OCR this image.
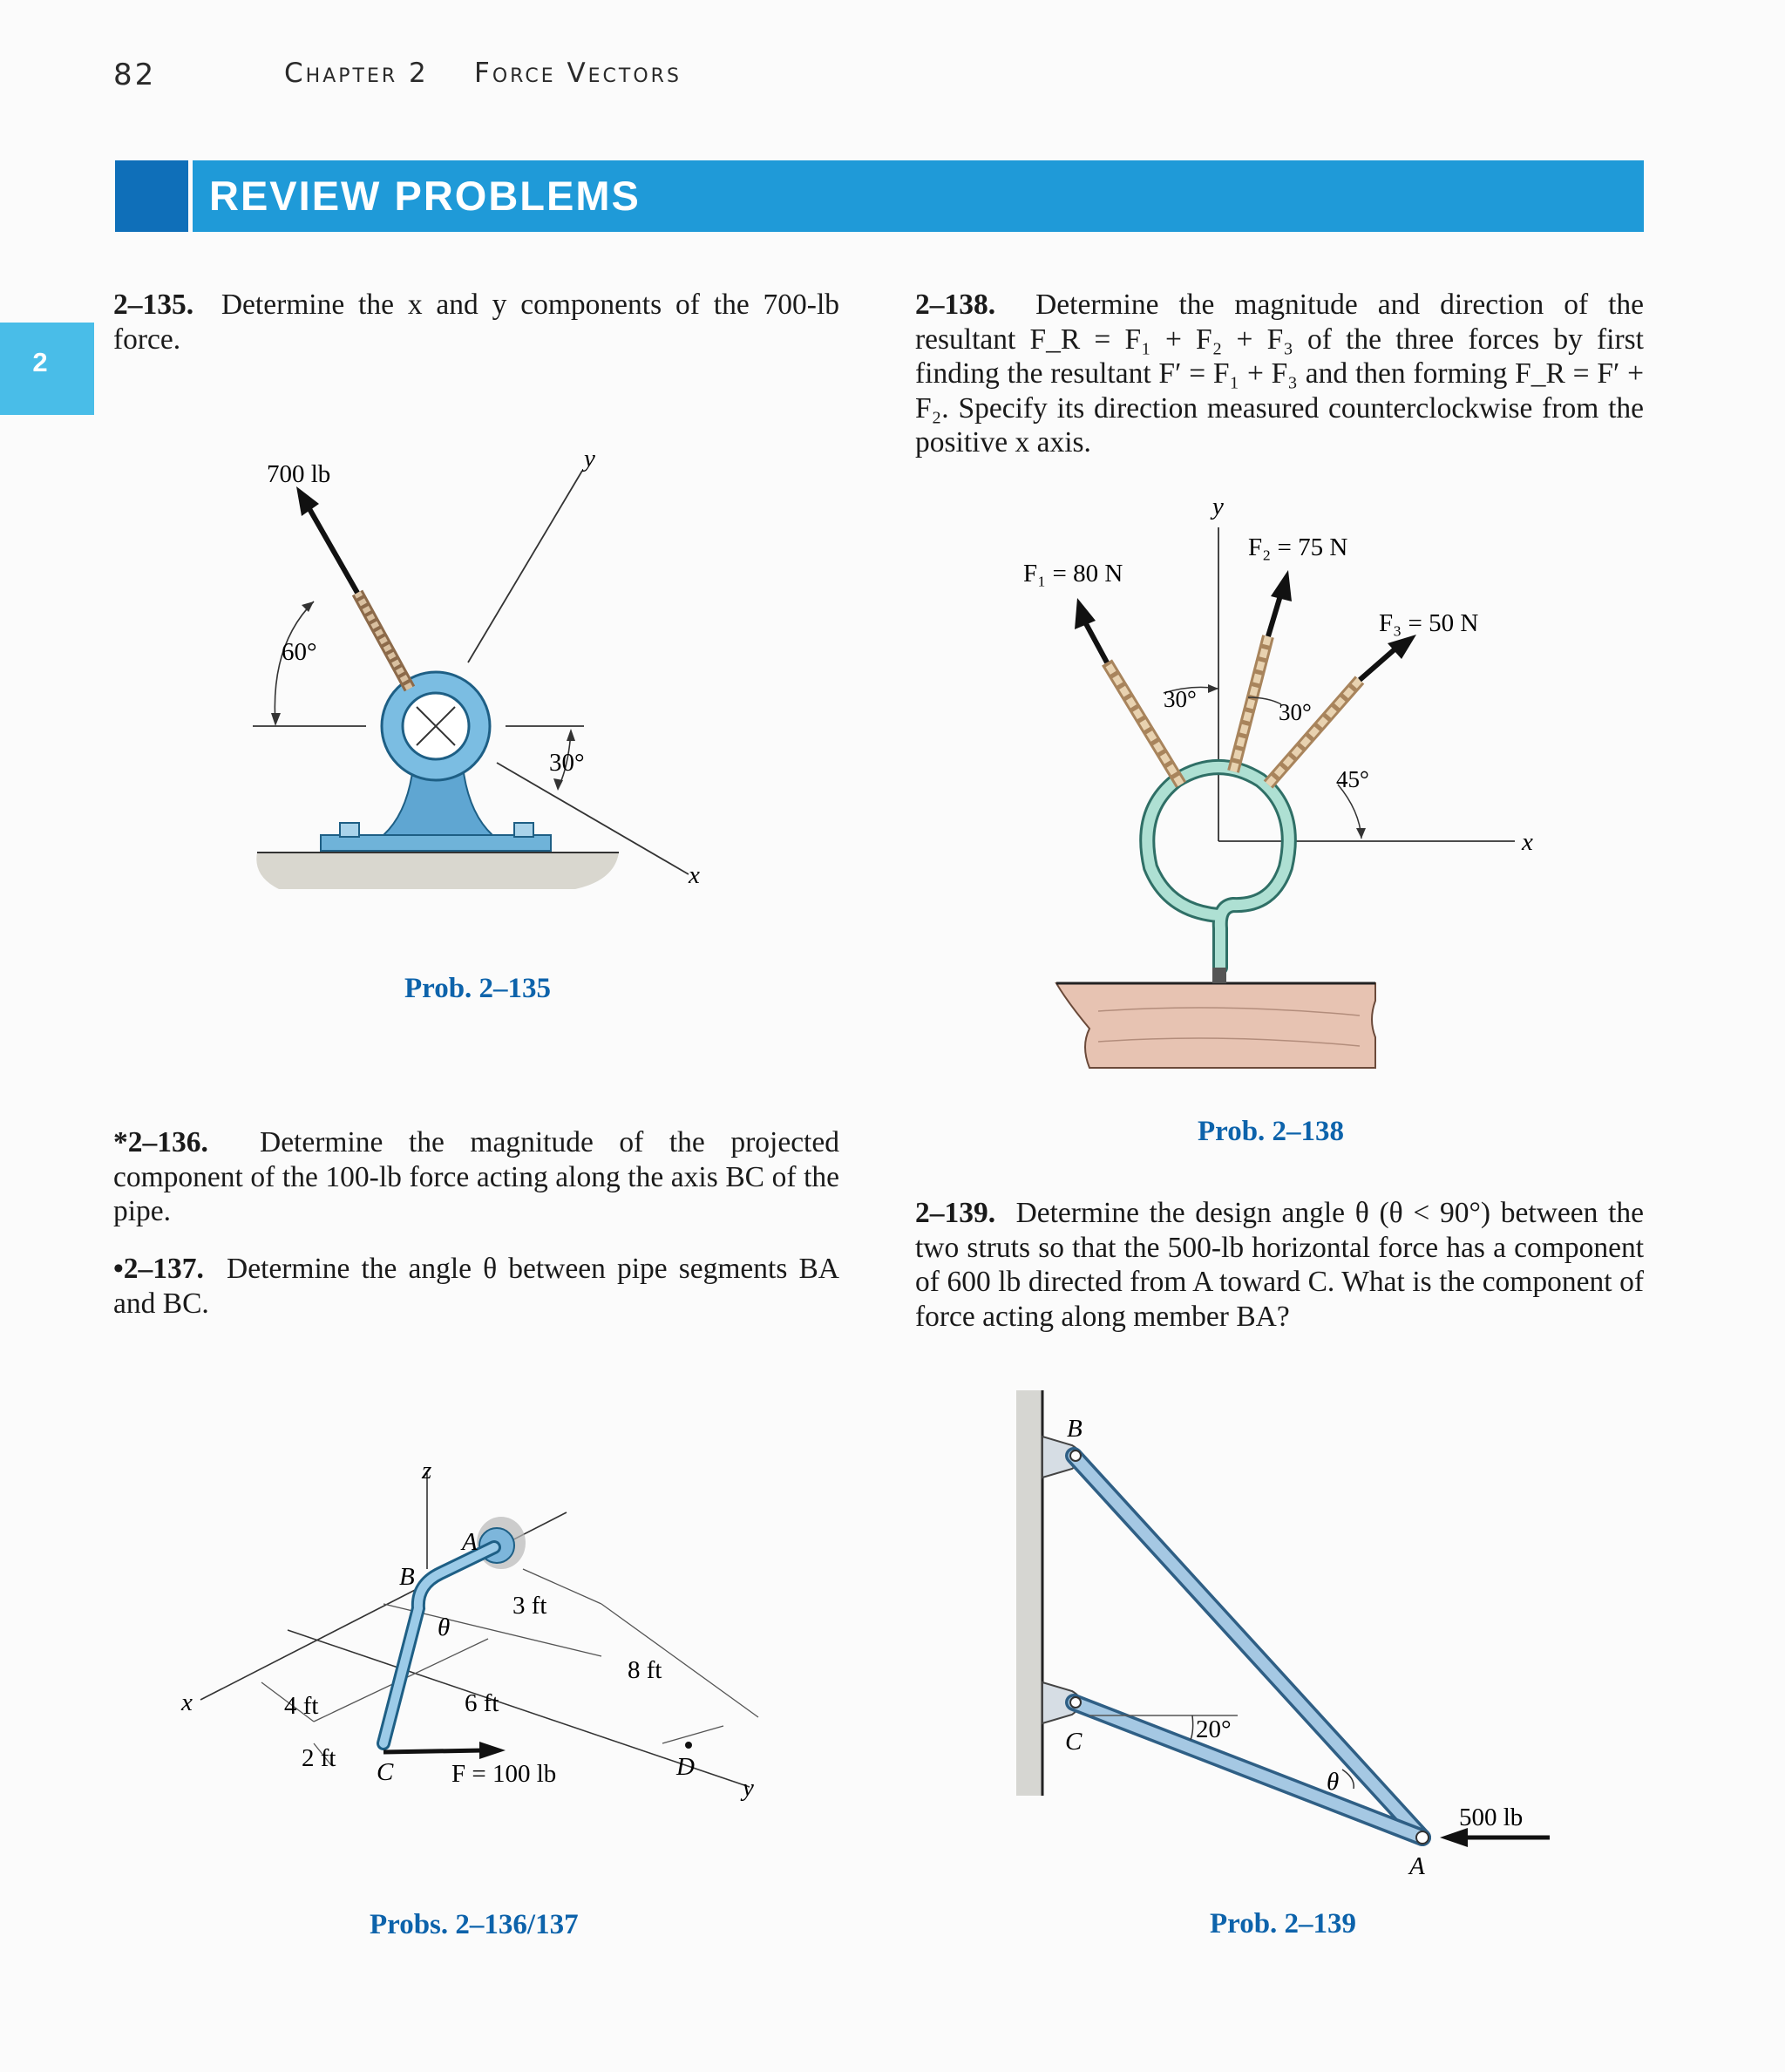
82	Chapter 2 Force Vectors
REVIEW PROBLEMS
2
2–135. Determine the x and y components of the 700-lb force.
*2–136. Determine the magnitude of the projected component of the 100-lb force acting along the axis BC of the pipe.
•2–137. Determine the angle θ between pipe segments BA and BC.
2–138. Determine the magnitude and direction of the resultant F_R = F₁ + F₂ + F₃ of the three forces by first finding the resultant F′ = F₁ + F₃ and then forming F_R = F′ + F₂. Specify its direction measured counterclockwise from the positive x axis.
2–139. Determine the design angle θ (θ < 90°) between the two struts so that the 500-lb horizontal force has a component of 600 lb directed from A toward C. What is the component of force acting along member BA?
Prob. 2–135
Prob. 2–138
Probs. 2–136/137	Prob. 2–139
700 lb
60°
30°
y
x
y
x
F₁ = 80 N
F₂ = 75 N
F₃ = 50 N
30°	30°
45°
z
A
B
C	D
x
y
θ
3 ft
8 ft
6 ft
4 ft
2 ft
F = 100 lb
B
C
A
20°
θ
500 lb
